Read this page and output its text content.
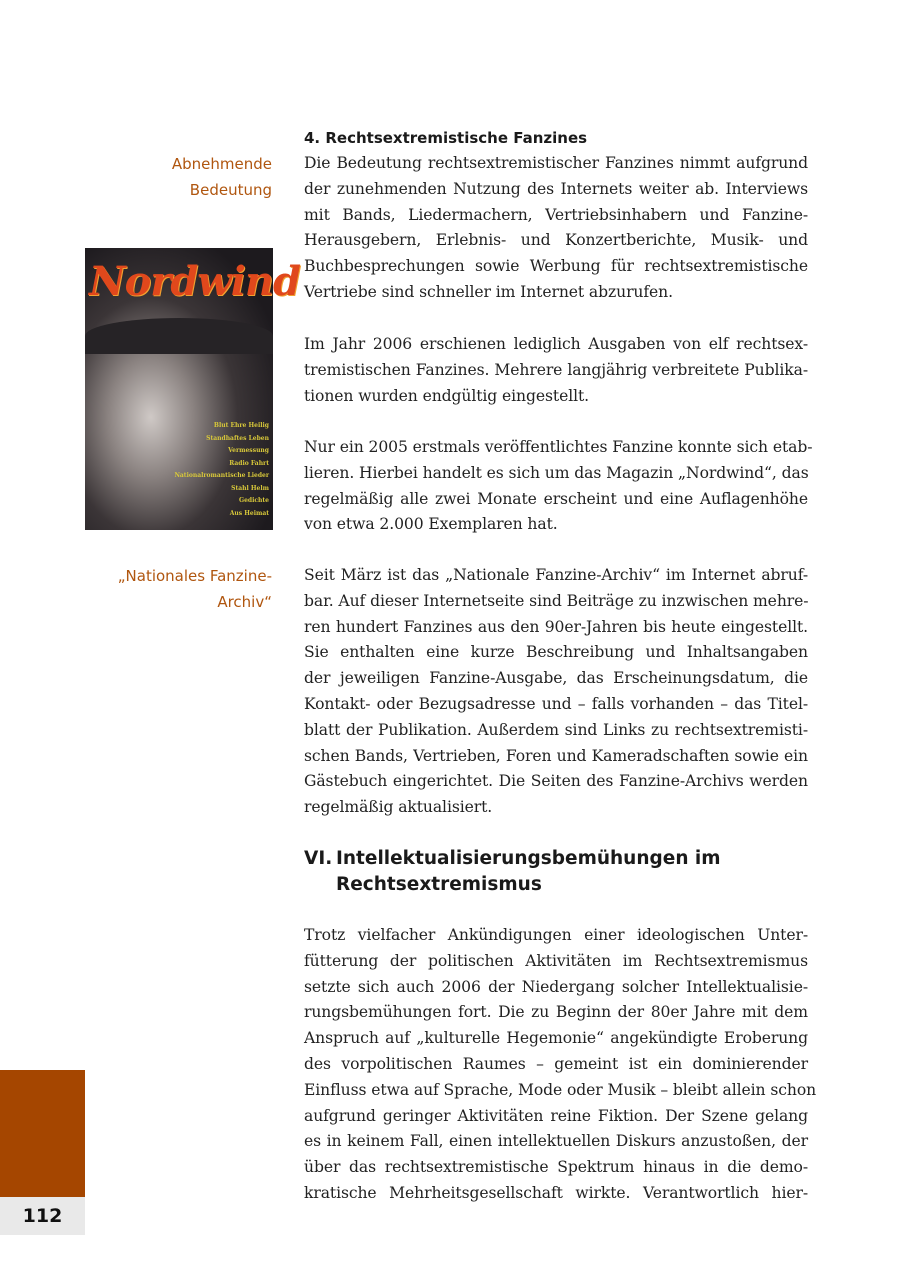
4. Rechtsextremistische Fanzines
Abnehmende
Bedeutung
„Nationales Fanzine-
Archiv“
Nordwind
Blut Ehre Heilig
Standhaftes Leben
Vermessung
Radio Fahrt
Nationalromantische Lieder
Stahl Helm
Gedichte
Aus Heimat
Die Bedeutung rechtsextremistischer Fanzines nimmt aufgrund
der zunehmenden Nutzung des Internets weiter ab. Interviews
mit Bands, Liedermachern, Vertriebsinhabern und Fanzine-
Herausgebern, Erlebnis- und Konzertberichte, Musik- und
Buchbesprechungen sowie Werbung für rechtsextremistische
Vertriebe sind schneller im Internet abzurufen.
Im Jahr 2006 erschienen lediglich Ausgaben von elf rechtsex-
tremistischen Fanzines. Mehrere langjährig verbreitete Publika-
tionen wurden endgültig eingestellt.
Nur ein 2005 erstmals veröffentlichtes Fanzine konnte sich etab-
lieren. Hierbei handelt es sich um das Magazin „Nordwind“, das
regelmäßig alle zwei Monate erscheint und eine Auflagenhöhe
von etwa 2.000 Exemplaren hat.
Seit März ist das „Nationale Fanzine-Archiv“ im Internet abruf-
bar. Auf dieser Internetseite sind Beiträge zu inzwischen mehre-
ren hundert Fanzines aus den 90er-Jahren bis heute eingestellt.
Sie enthalten eine kurze Beschreibung und Inhaltsangaben
der jeweiligen Fanzine-Ausgabe, das Erscheinungsdatum, die
Kontakt- oder Bezugsadresse und – falls vorhanden – das Titel-
blatt der Publikation. Außerdem sind Links zu rechtsextremisti-
schen Bands, Vertrieben, Foren und Kameradschaften sowie ein
Gästebuch eingerichtet. Die Seiten des Fanzine-Archivs werden
regelmäßig aktualisiert.
VI. Intellektualisierungsbemühungen im
Rechtsextremismus
Trotz vielfacher Ankündigungen einer ideologischen Unter-
fütterung der politischen Aktivitäten im Rechtsextremismus
setzte sich auch 2006 der Niedergang solcher Intellektualisie-
rungsbemühungen fort. Die zu Beginn der 80er Jahre mit dem
Anspruch auf „kulturelle Hegemonie“ angekündigte Eroberung
des vorpolitischen Raumes – gemeint ist ein dominierender
Einfluss etwa auf Sprache, Mode oder Musik – bleibt allein schon
aufgrund geringer Aktivitäten reine Fiktion. Der Szene gelang
es in keinem Fall, einen intellektuellen Diskurs anzustoßen, der
über das rechtsextremistische Spektrum hinaus in die demo-
kratische Mehrheitsgesellschaft wirkte. Verantwortlich hier-
112
